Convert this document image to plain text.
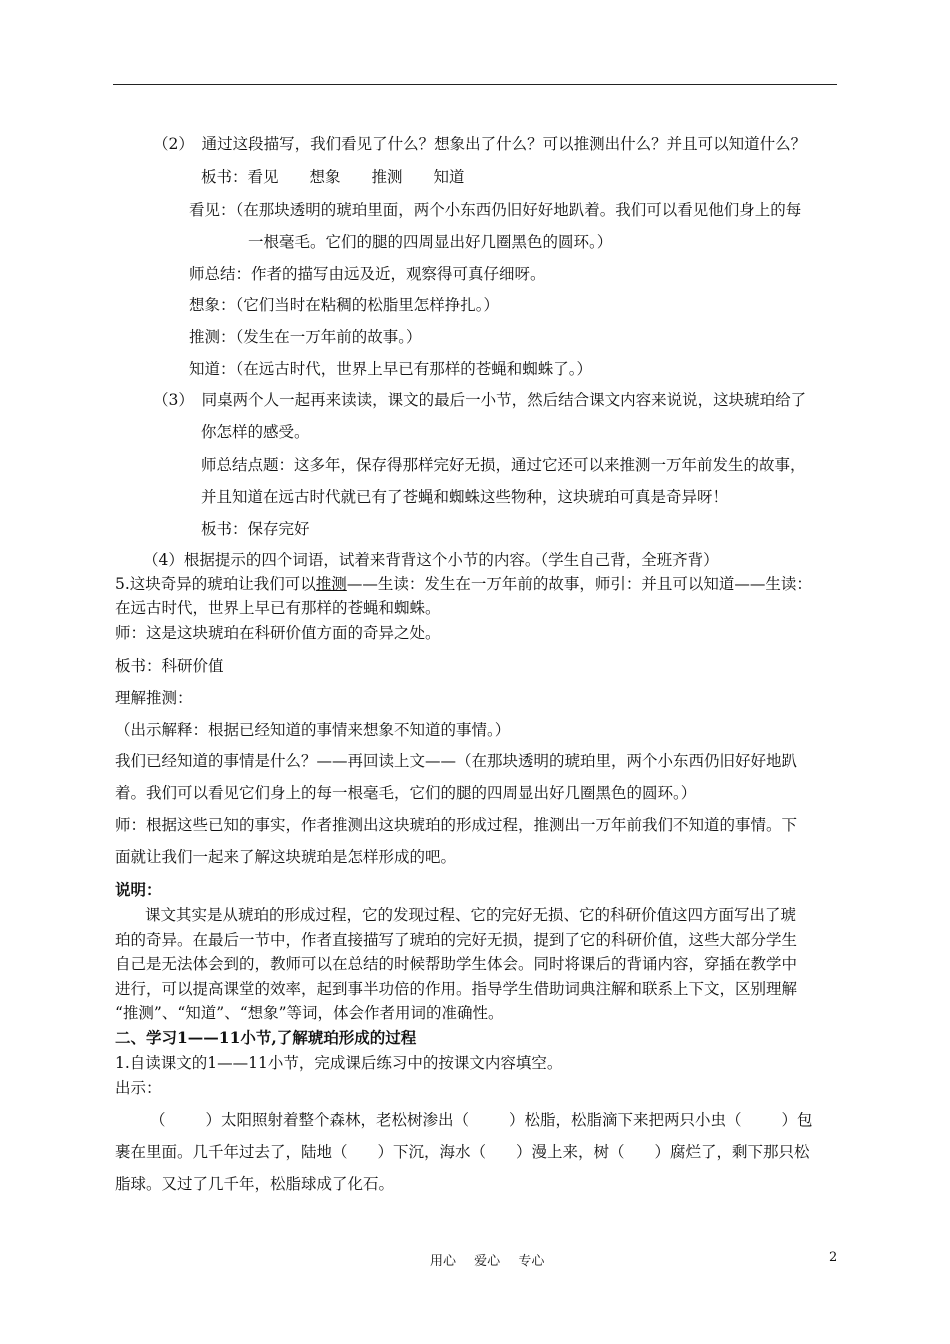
（2）　通过这段描写，我们看见了什么？想象出了什么？可以推测出什么？并且可以知道什么？
板书：看见　　想象　　推测　　知道
看见：（在那块透明的琥珀里面，两个小东西仍旧好好地趴着。我们可以看见他们身上的每
一根毫毛。它们的腿的四周显出好几圈黑色的圆环。）
师总结：作者的描写由远及近，观察得可真仔细呀。
想象：（它们当时在粘稠的松脂里怎样挣扎。）
推测：（发生在一万年前的故事。）
知道：（在远古时代，世界上早已有那样的苍蝇和蜘蛛了。）
（3）　同桌两个人一起再来读读，课文的最后一小节，然后结合课文内容来说说，这块琥珀给了
你怎样的感受。
师总结点题：这多年，保存得那样完好无损，通过它还可以来推测一万年前发生的故事，
并且知道在远古时代就已有了苍蝇和蜘蛛这些物种，这块琥珀可真是奇异呀！
板书：保存完好
（4）根据提示的四个词语，试着来背背这个小节的内容。（学生自己背，全班齐背）
5.这块奇异的琥珀让我们可以推测——生读：发生在一万年前的故事，师引：并且可以知道——生读：
在远古时代，世界上早已有那样的苍蝇和蜘蛛。
师：这是这块琥珀在科研价值方面的奇异之处。
板书：科研价值
理解推测：
（出示解释：根据已经知道的事情来想象不知道的事情。）
我们已经知道的事情是什么？——再回读上文——（在那块透明的琥珀里，两个小东西仍旧好好地趴
着。我们可以看见它们身上的每一根毫毛，它们的腿的四周显出好几圈黑色的圆环。）
师：根据这些已知的事实，作者推测出这块琥珀的形成过程，推测出一万年前我们不知道的事情。下
面就让我们一起来了解这块琥珀是怎样形成的吧。
说明：
课文其实是从琥珀的形成过程，它的发现过程、它的完好无损、它的科研价值这四方面写出了琥
珀的奇异。在最后一节中，作者直接描写了琥珀的完好无损，提到了它的科研价值，这些大部分学生
自己是无法体会到的，教师可以在总结的时候帮助学生体会。同时将课后的背诵内容，穿插在教学中
进行，可以提高课堂的效率，起到事半功倍的作用。指导学生借助词典注解和联系上下文，区别理解
“推测”、“知道”、“想象”等词，体会作者用词的准确性。
二、学习1——11小节,了解琥珀形成的过程
1.自读课文的1——11小节，完成课后练习中的按课文内容填空。
出示：
（	）太阳照射着整个森林，老松树渗出（	）松脂，松脂滴下来把两只小虫（	）包
裹在里面。几千年过去了，陆地（ ）下沉，海水（ ）漫上来，树（ ）腐烂了，剩下那只松
脂球。又过了几千年，松脂球成了化石。
用心 爱心 专心	2
